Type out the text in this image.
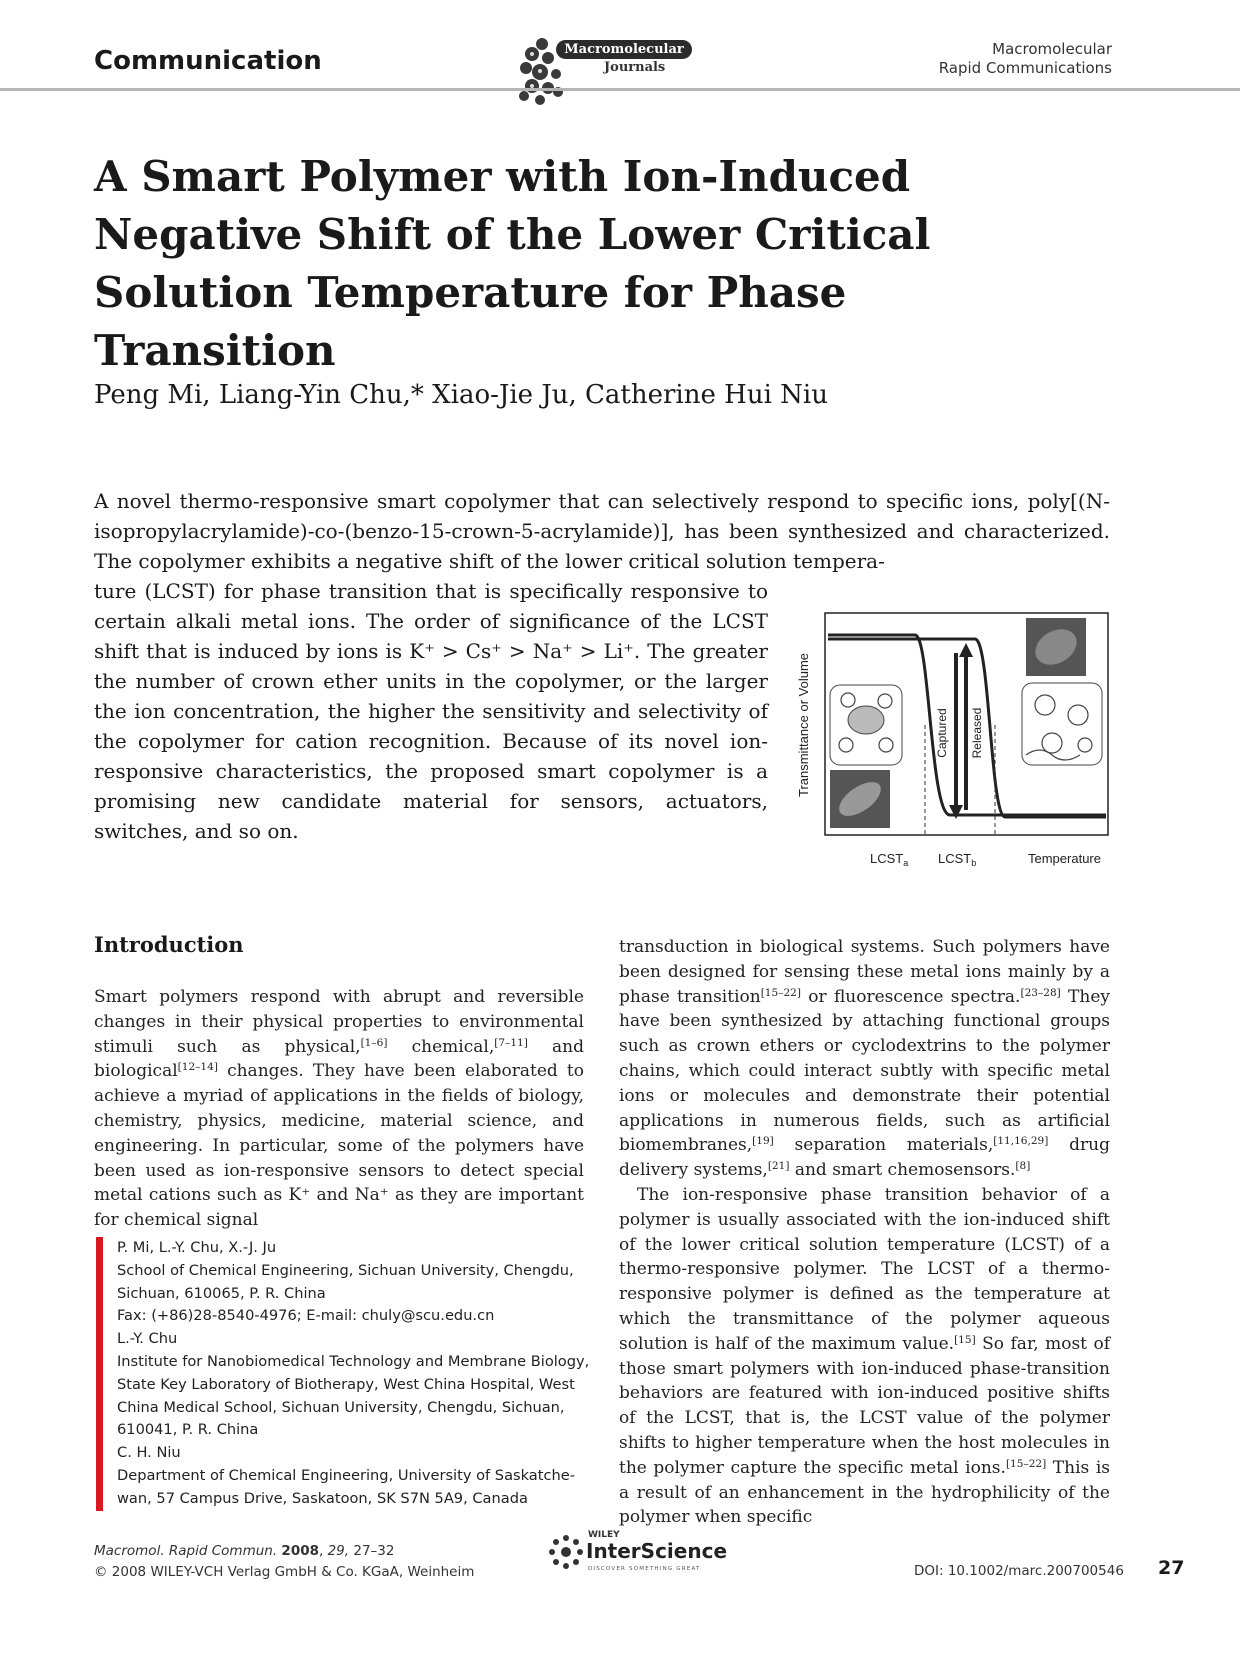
Communication	Macromolecular
Journals
Macromolecular
Rapid Communications
A Smart Polymer with Ion-Induced Negative Shift of the Lower Critical Solution Temperature for Phase Transition
Peng Mi, Liang-Yin Chu,* Xiao-Jie Ju, Catherine Hui Niu
A novel thermo-responsive smart copolymer that can selectively respond to specific ions, poly[(N-isopropylacrylamide)-co-(benzo-15-crown-5-acrylamide)], has been synthesized and characterized. The copolymer exhibits a negative shift of the lower critical solution tempera-
ture (LCST) for phase transition that is specifically responsive to certain alkali metal ions. The order of significance of the LCST shift that is induced by ions is K⁺ > Cs⁺ > Na⁺ > Li⁺. The greater the number of crown ether units in the copolymer, or the larger the ion concentration, the higher the sensitivity and selectivity of the copolymer for cation recognition. Because of its novel ion-responsive characteristics, the proposed smart copolymer is a promising new candidate material for sensors, actuators, switches, and so on.
Transmittance or Volume	Captured Released
$LCST_a$ $LCST_b$	Temperature
Introduction

Smart polymers respond with abrupt and reversible changes in their physical properties to environmental stimuli such as physical,[1–6] chemical,[7–11] and biological[12–14] changes. They have been elaborated to achieve a myriad of applications in the fields of biology, chemistry, physics, medicine, material science, and engineering. In particular, some of the polymers have been used as ion-responsive sensors to detect special metal cations such as K⁺ and Na⁺ as they are important for chemical signal

transduction in biological systems. Such polymers have been designed for sensing these metal ions mainly by a phase transition[15–22] or fluorescence spectra.[23–28] They have been synthesized by attaching functional groups such as crown ethers or cyclodextrins to the polymer chains, which could interact subtly with specific metal ions or molecules and demonstrate their potential applications in numerous fields, such as artificial biomembranes,[19] separation materials,[11,16,29] drug delivery systems,[21] and smart chemosensors.[8]

The ion-responsive phase transition behavior of a polymer is usually associated with the ion-induced shift of the lower critical solution temperature (LCST) of a thermo-responsive polymer. The LCST of a thermo-responsive polymer is defined as the temperature at which the transmittance of the polymer aqueous solution is half of the maximum value.[15] So far, most of those smart polymers with ion-induced phase-transition behaviors are featured with ion-induced positive shifts of the LCST, that is, the LCST value of the polymer shifts to higher temperature when the host molecules in the polymer capture the specific metal ions.[15–22] This is a result of an enhancement in the hydrophilicity of the polymer when specific

P. Mi, L.-Y. Chu, X.-J. Ju
School of Chemical Engineering, Sichuan University, Chengdu,
Sichuan, 610065, P. R. China
Fax: (+86)28-8540-4976; E-mail: chuly@scu.edu.cn
L.-Y. Chu
Institute for Nanobiomedical Technology and Membrane Biology,
State Key Laboratory of Biotherapy, West China Hospital, West
China Medical School, Sichuan University, Chengdu, Sichuan,
610041, P. R. China
C. H. Niu
Department of Chemical Engineering, University of Saskatche-
wan, 57 Campus Drive, Saskatoon, SK S7N 5A9, Canada
Macromol. Rapid Commun. 2008, 29, 27–32
© 2008 WILEY-VCH Verlag GmbH & Co. KGaA, Weinheim
WILEY
InterScience
DISCOVER SOMETHING GREAT	DOI: 10.1002/marc.200700546 27
